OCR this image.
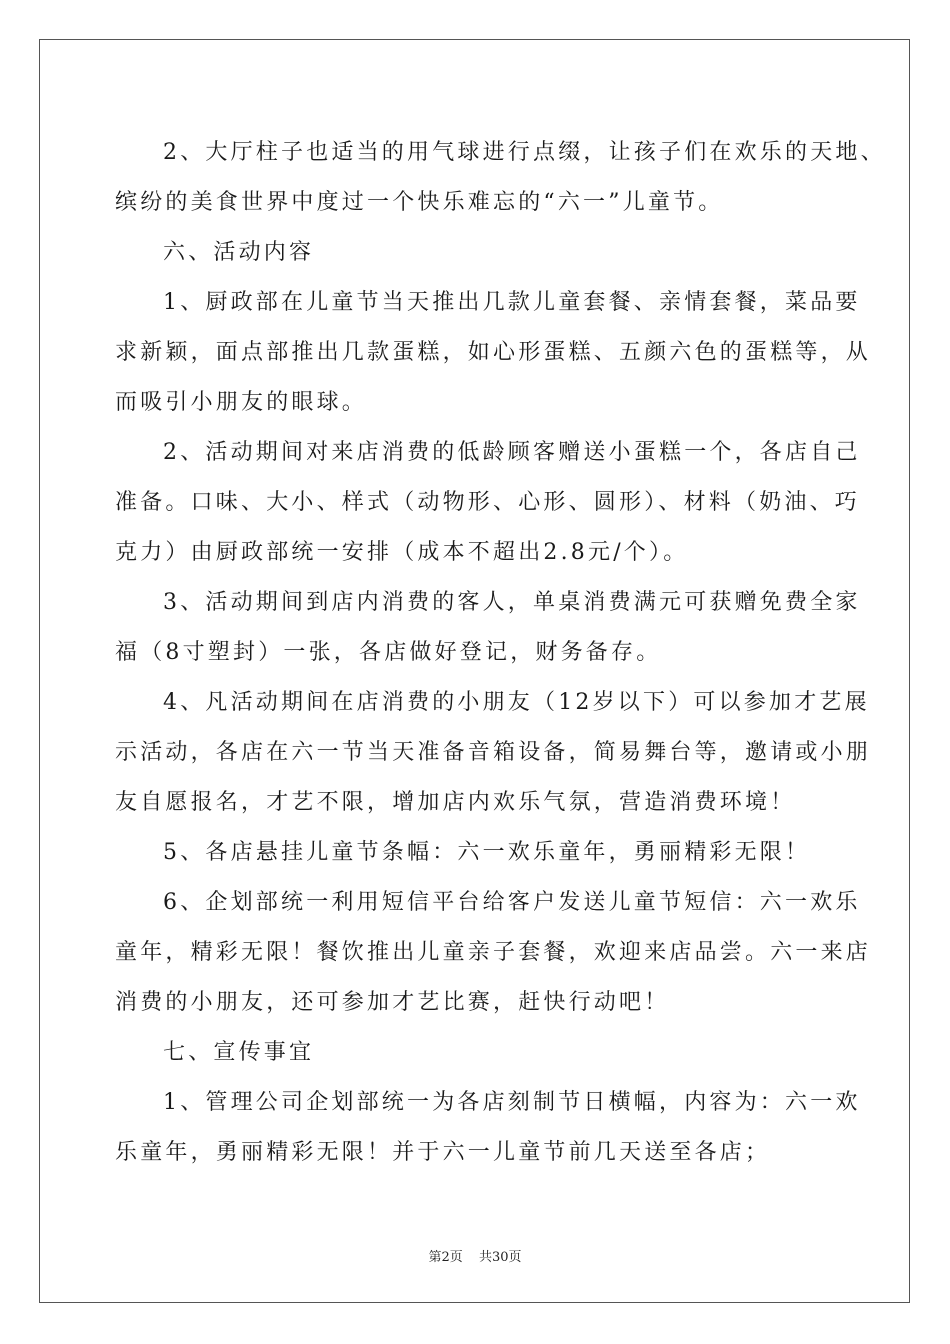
2、大厅柱子也适当的用气球进行点缀，让孩子们在欢乐的天地、
缤纷的美食世界中度过一个快乐难忘的“六一”儿童节。
六、活动内容
1、厨政部在儿童节当天推出几款儿童套餐、亲情套餐，菜品要
求新颖，面点部推出几款蛋糕，如心形蛋糕、五颜六色的蛋糕等，从
而吸引小朋友的眼球。
2、活动期间对来店消费的低龄顾客赠送小蛋糕一个，各店自己
准备。口味、大小、样式（动物形、心形、圆形）、材料（奶油、巧
克力）由厨政部统一安排（成本不超出2.8元/个）。
3、活动期间到店内消费的客人，单桌消费满元可获赠免费全家
福（8寸塑封）一张，各店做好登记，财务备存。
4、凡活动期间在店消费的小朋友（12岁以下）可以参加才艺展
示活动，各店在六一节当天准备音箱设备，简易舞台等，邀请或小朋
友自愿报名，才艺不限，增加店内欢乐气氛，营造消费环境！
5、各店悬挂儿童节条幅：六一欢乐童年，勇丽精彩无限！
6、企划部统一利用短信平台给客户发送儿童节短信：六一欢乐
童年，精彩无限！餐饮推出儿童亲子套餐，欢迎来店品尝。六一来店
消费的小朋友，还可参加才艺比赛，赶快行动吧！
七、宣传事宜
1、管理公司企划部统一为各店刻制节日横幅，内容为：六一欢
乐童年，勇丽精彩无限！并于六一儿童节前几天送至各店；
第2页 共30页
